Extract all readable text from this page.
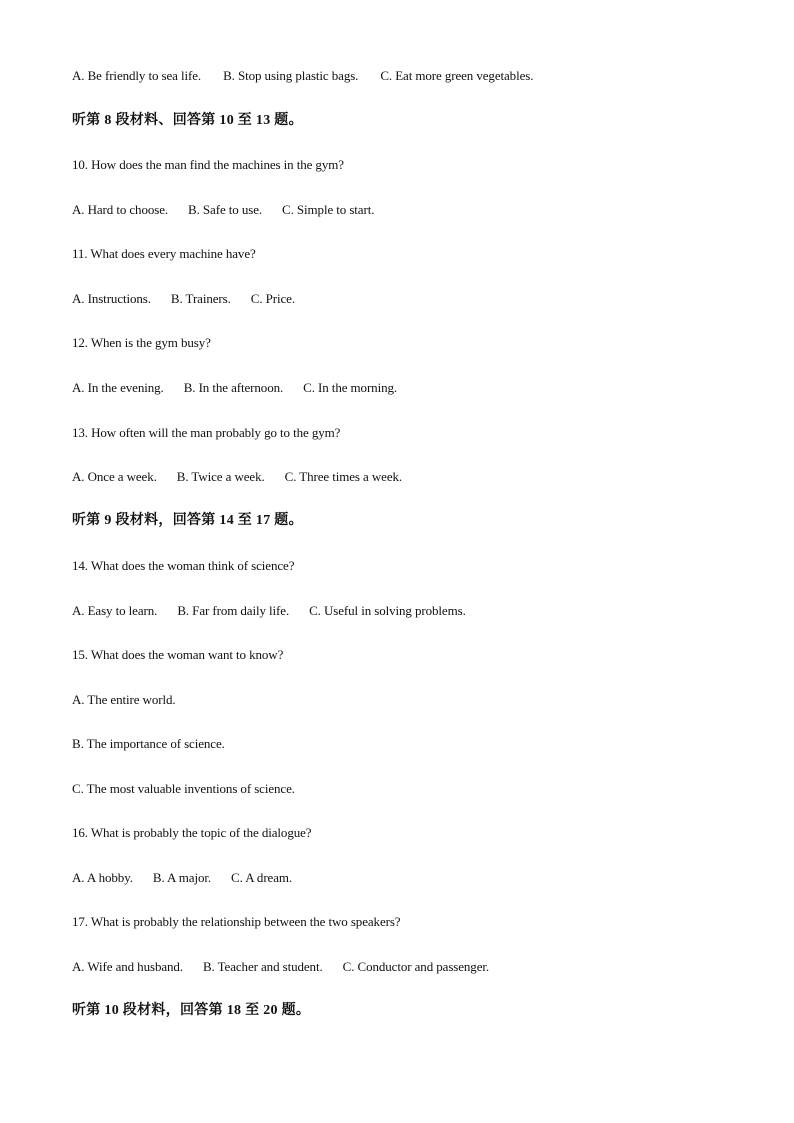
A. Be friendly to sea life. B. Stop using plastic bags. C. Eat more green vegetables.
听第 8 段材料、回答第 10 至 13 题。
10. How does the man find the machines in the gym?
A. Hard to choose. B. Safe to use. C. Simple to start.
11. What does every machine have?
A. Instructions. B. Trainers. C. Price.
12. When is the gym busy?
A. In the evening. B. In the afternoon. C. In the morning.
13. How often will the man probably go to the gym?
A. Once a week. B. Twice a week. C. Three times a week.
听第 9 段材料，回答第 14 至 17 题。
14. What does the woman think of science?
A. Easy to learn. B. Far from daily life. C. Useful in solving problems.
15. What does the woman want to know?
A. The entire world.
B. The importance of science.
C. The most valuable inventions of science.
16. What is probably the topic of the dialogue?
A. A hobby. B. A major. C. A dream.
17. What is probably the relationship between the two speakers?
A. Wife and husband. B. Teacher and student. C. Conductor and passenger.
听第 10 段材料，回答第 18 至 20 题。
